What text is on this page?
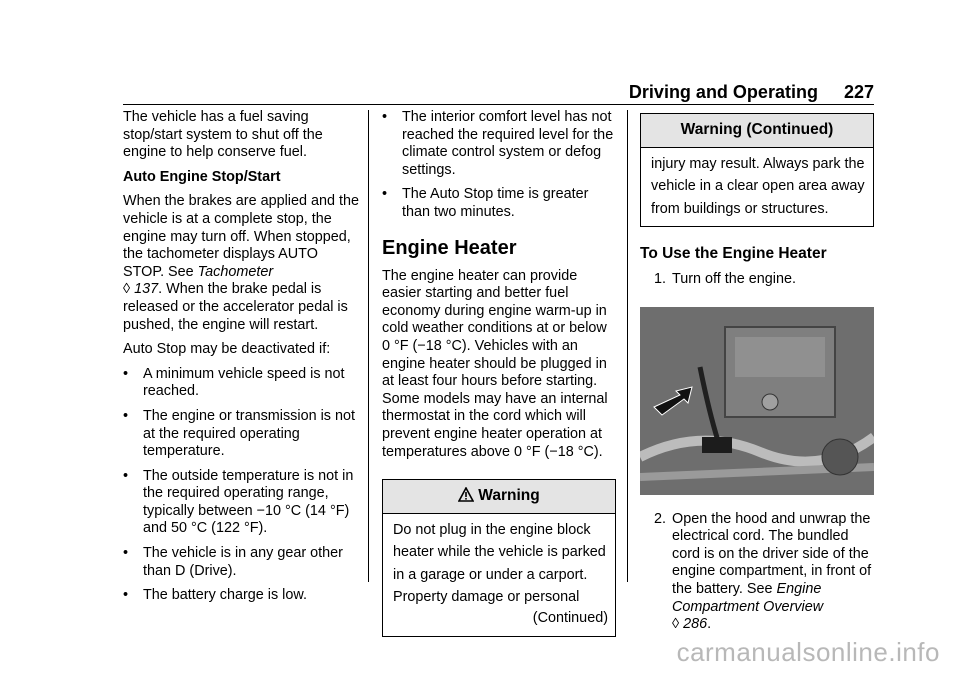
Driving and Operating 227

The vehicle has a fuel saving stop/start system to shut off the engine to help conserve fuel.

Auto Engine Stop/Start

When the brakes are applied and the vehicle is at a complete stop, the engine may turn off. When stopped, the tachometer displays AUTO STOP. See Tachometer
◊ 137. When the brake pedal is released or the accelerator pedal is pushed, the engine will restart.

Auto Stop may be deactivated if:

•	A minimum vehicle speed is not reached.
•	The engine or transmission is not at the required operating temperature.
•	The outside temperature is not in the required operating range, typically between −10 °C (14 °F) and 50 °C (122 °F).
•	The vehicle is in any gear other than D (Drive).
•	The battery charge is low.
•	The interior comfort level has not reached the required level for the climate control system or defog settings.
•	The Auto Stop time is greater than two minutes.
Engine Heater

The engine heater can provide easier starting and better fuel economy during engine warm-up in cold weather conditions at or below 0 °F (−18 °C). Vehicles with an engine heater should be plugged in at least four hours before starting. Some models may have an internal thermostat in the cord which will prevent engine heater operation at temperatures above 0 °F (−18 °C).

Warning

Do not plug in the engine block

heater while the vehicle is parked

in a garage or under a carport.

Property damage or personal

(Continued)

Warning (Continued)

injury may result. Always park the

vehicle in a clear open area away

from buildings or structures.

To Use the Engine Heater
1. Turn off the engine.
2. Open the hood and unwrap the electrical cord. The bundled cord is on the driver side of the engine compartment, in front of the battery. See Engine Compartment Overview
◊ 286.
carmanualsonline.info
